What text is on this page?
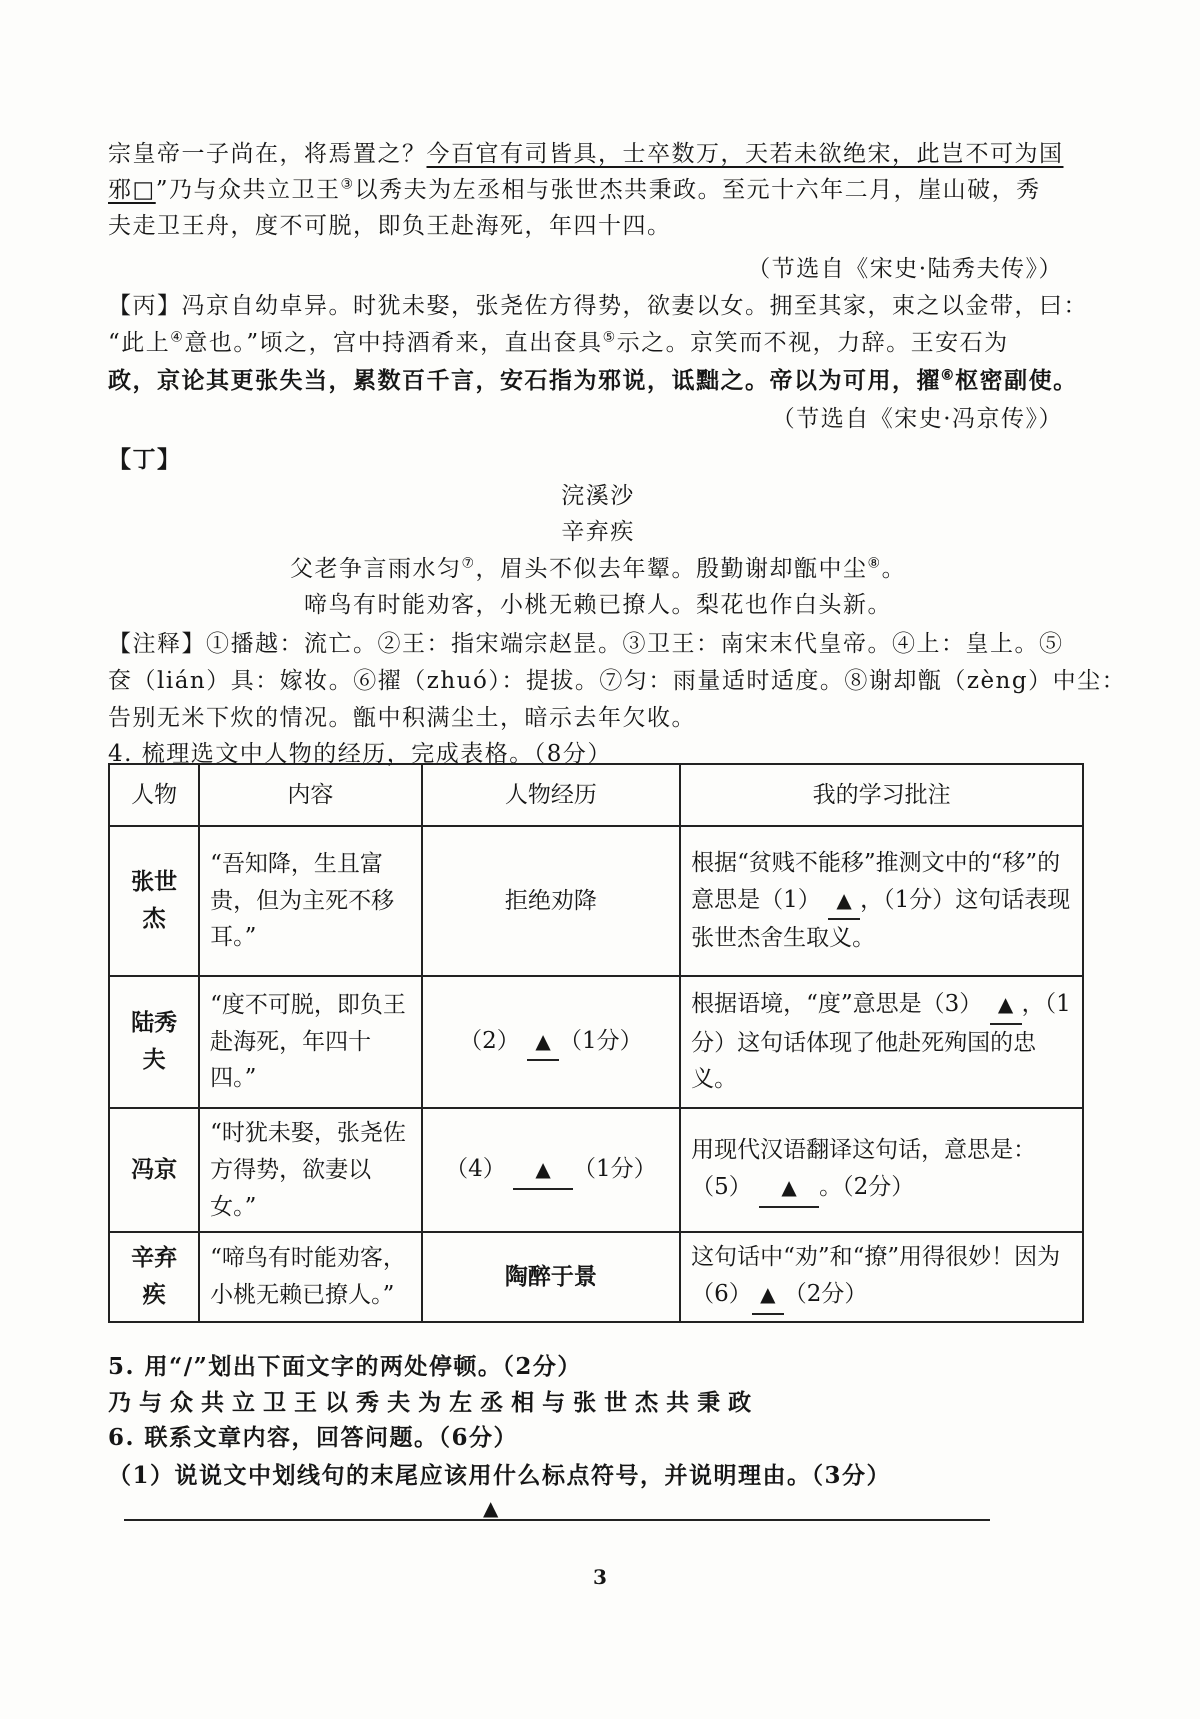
宗皇帝一子尚在，将焉置之？今百官有司皆具，士卒数万，天若未欲绝宋，此岂不可为国
邪□”乃与众共立卫王③以秀夫为左丞相与张世杰共秉政。至元十六年二月，崖山破，秀
夫走卫王舟，度不可脱，即负王赴海死，年四十四。
（节选自《宋史·陆秀夫传》）
【丙】冯京自幼卓异。时犹未娶，张尧佐方得势，欲妻以女。拥至其家，束之以金带，曰：
“此上④意也。”顷之，宫中持酒肴来，直出奁具⑤示之。京笑而不视，力辞。王安石为
政，京论其更张失当，累数百千言，安石指为邪说，诋黜之。帝以为可用，擢⑥枢密副使。
（节选自《宋史·冯京传》）
【丁】
浣溪沙
辛弃疾
父老争言雨水匀⑦，眉头不似去年颦。殷勤谢却甑中尘⑧。
啼鸟有时能劝客，小桃无赖已撩人。梨花也作白头新。
【注释】①播越：流亡。②王：指宋端宗赵昰。③卫王：南宋末代皇帝。④上：皇上。⑤
奁（lián）具：嫁妆。⑥擢（zhuó）：提拔。⑦匀：雨量适时适度。⑧谢却甑（zèng）中尘：
告别无米下炊的情况。甑中积满尘土，暗示去年欠收。
4. 梳理选文中人物的经历，完成表格。（8分）
人物	内容	人物经历	我的学习批注
张世杰	“吾知降，生且富贵，但为主死不移耳。”	拒绝劝降	根据“贫贱不能移”推测文中的“移”的意思是（1） ▲ ，（1分）这句话表现张世杰舍生取义。
陆秀夫	“度不可脱，即负王赴海死，年四十四。”	（2） ▲ （1分）	根据语境，“度”意思是（3） ▲ ，（1分）这句话体现了他赴死殉国的忠义。
冯京	“时犹未娶，张尧佐方得势，欲妻以女。”	（4） ▲ （1分）	用现代汉语翻译这句话，意思是：（5） ▲ 。（2分）
辛弃疾	“啼鸟有时能劝客，小桃无赖已撩人。”	陶醉于景	这句话中“劝”和“撩”用得很妙！因为（6） ▲ （2分）
5. 用“/”划出下面文字的两处停顿。（2分）
乃 与 众 共 立 卫 王 以 秀 夫 为 左 丞 相 与 张 世 杰 共 秉 政
6. 联系文章内容，回答问题。（6分）
（1）说说文中划线句的末尾应该用什么标点符号，并说明理由。（3分）
▲
3
